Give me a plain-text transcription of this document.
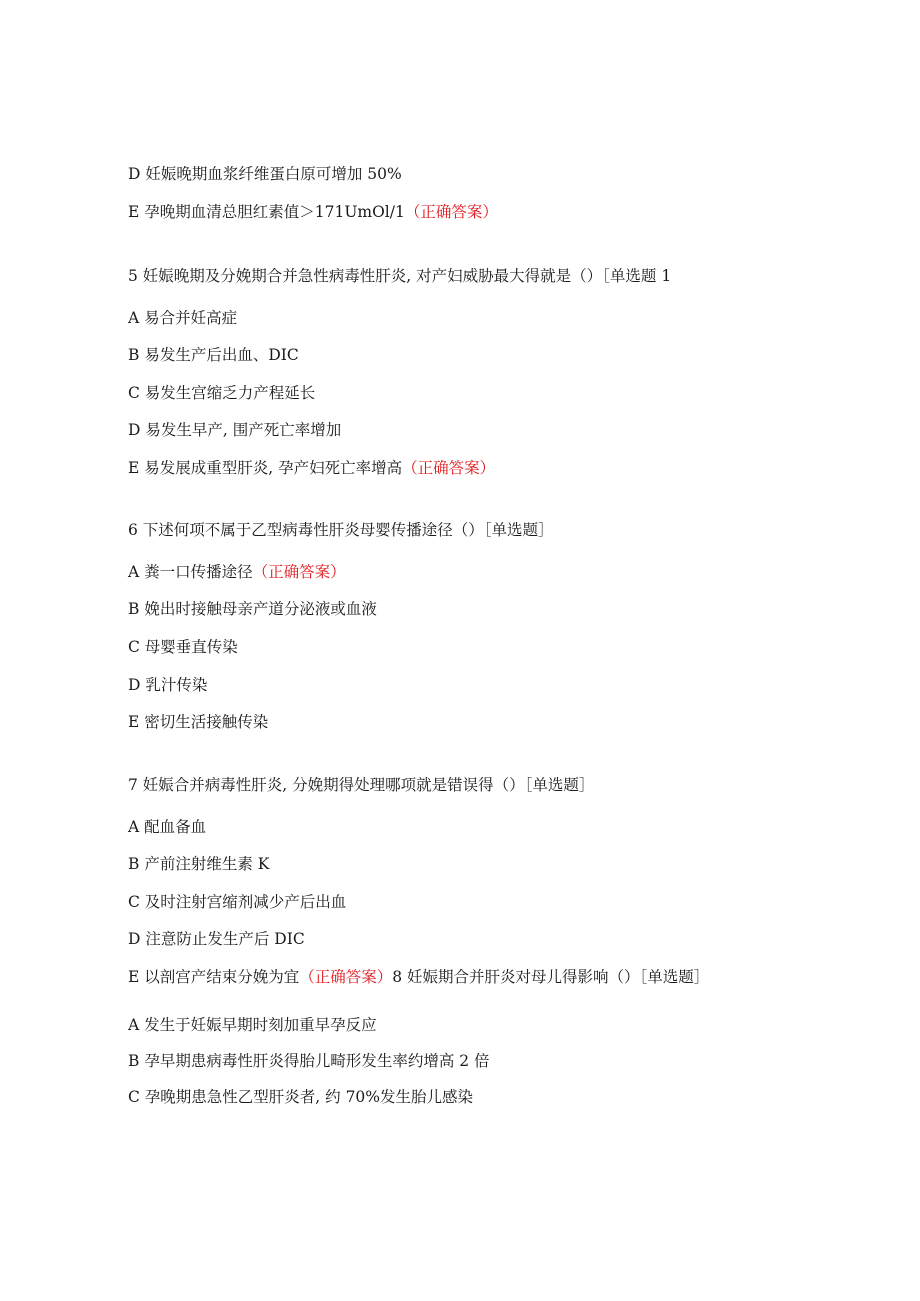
D 妊娠晚期血浆纤维蛋白原可增加 50%
E 孕晚期血清总胆红素值＞171UmOl/1（正确答案）
5 妊娠晚期及分娩期合并急性病毒性肝炎, 对产妇威胁最大得就是（）［单选题 1
A 易合并妊高症
B 易发生产后出血、DIC
C 易发生宫缩乏力产程延长
D 易发生早产, 围产死亡率增加
E 易发展成重型肝炎, 孕产妇死亡率增高（正确答案）
6 下述何项不属于乙型病毒性肝炎母婴传播途径（）［单选题］
A 粪一口传播途径（正确答案）
B 娩出时接触母亲产道分泌液或血液
C 母婴垂直传染
D 乳汁传染
E 密切生活接触传染
7 妊娠合并病毒性肝炎, 分娩期得处理哪项就是错误得（）［单选题］
A 配血备血
B 产前注射维生素 K
C 及时注射宫缩剂减少产后出血
D 注意防止发生产后 DIC
E 以剖宫产结束分娩为宜（正确答案）8 妊娠期合并肝炎对母儿得影响（）［单选题］
A 发生于妊娠早期时刻加重早孕反应
B 孕早期患病毒性肝炎得胎儿畸形发生率约增高 2 倍
C 孕晚期患急性乙型肝炎者, 约 70%发生胎儿感染
